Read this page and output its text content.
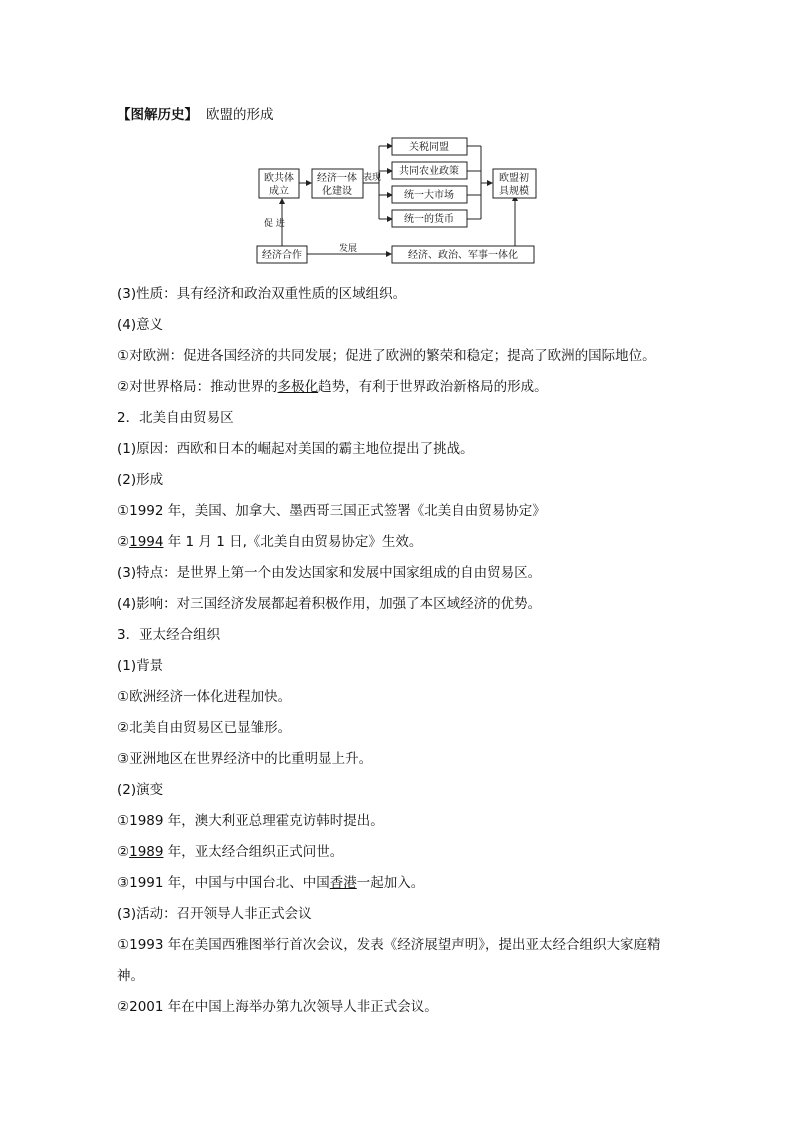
【图解历史】 欧盟的形成
欧共体
成立
经济一体
化建设
表现
关税同盟
共同农业政策
统一大市场
统一的货币
欧盟初
具规模
促 进
经济合作
发展
经济、政治、军事一体化
(3)性质：具有经济和政治双重性质的区域组织。
(4)意义
①对欧洲：促进各国经济的共同发展；促进了欧洲的繁荣和稳定；提高了欧洲的国际地位。
②对世界格局：推动世界的多极化趋势，有利于世界政治新格局的形成。
2．北美自由贸易区
(1)原因：西欧和日本的崛起对美国的霸主地位提出了挑战。
(2)形成
①1992 年，美国、加拿大、墨西哥三国正式签署《北美自由贸易协定》
②1994 年 1 月 1 日,《北美自由贸易协定》生效。
(3)特点：是世界上第一个由发达国家和发展中国家组成的自由贸易区。
(4)影响：对三国经济发展都起着积极作用，加强了本区域经济的优势。
3．亚太经合组织
(1)背景
①欧洲经济一体化进程加快。
②北美自由贸易区已显雏形。
③亚洲地区在世界经济中的比重明显上升。
(2)演变
①1989 年，澳大利亚总理霍克访韩时提出。
②1989 年，亚太经合组织正式问世。
③1991 年，中国与中国台北、中国香港一起加入。
(3)活动：召开领导人非正式会议
①1993 年在美国西雅图举行首次会议，发表《经济展望声明》，提出亚太经合组织大家庭精神。
②2001 年在中国上海举办第九次领导人非正式会议。
